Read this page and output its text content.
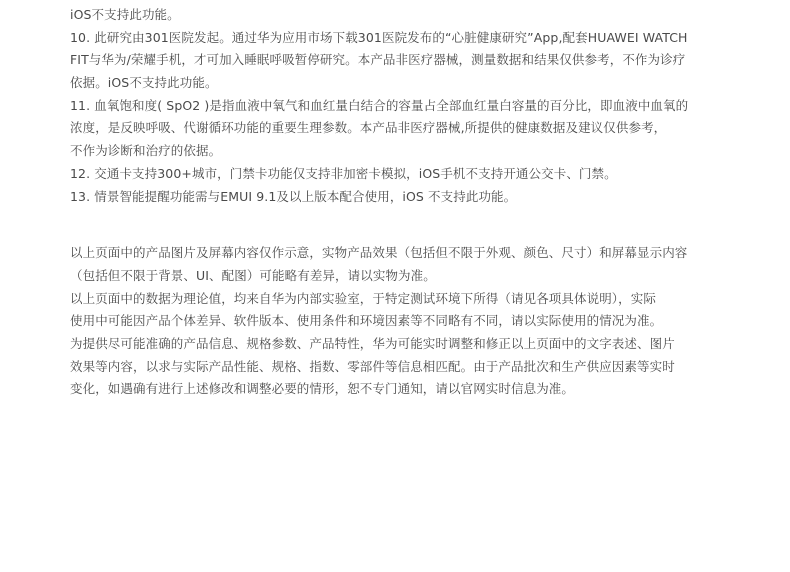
iOS不支持此功能。
10. 此研究由301医院发起。通过华为应用市场下载301医院发布的“心脏健康研究”App,配套HUAWEI WATCH
FIT与华为/荣耀手机，才可加入睡眠呼吸暂停研究。本产品非医疗器械，测量数据和结果仅供参考，不作为诊疗
依据。iOS不支持此功能。
11. 血氧饱和度( SpO2 )是指血液中氧气和血红量白结合的容量占全部血红量白容量的百分比，即血液中血氧的
浓度，是反映呼吸、代谢循环功能的重要生理参数。本产品非医疗器械,所提供的健康数据及建议仅供参考，
不作为诊断和治疗的依据。
12. 交通卡支持300+城市，门禁卡功能仅支持非加密卡模拟，iOS手机不支持开通公交卡、门禁。
13. 情景智能提醒功能需与EMUI 9.1及以上版本配合使用，iOS 不支持此功能。
以上页面中的产品图片及屏幕内容仅作示意，实物产品效果（包括但不限于外观、颜色、尺寸）和屏幕显示内容
（包括但不限于背景、UI、配图）可能略有差异，请以实物为准。
以上页面中的数据为理论值，均来自华为内部实验室，于特定测试环境下所得（请见各项具体说明），实际
使用中可能因产品个体差异、软件版本、使用条件和环境因素等不同略有不同，请以实际使用的情况为准。
为提供尽可能准确的产品信息、规格参数、产品特性，华为可能实时调整和修正以上页面中的文字表述、图片
效果等内容，以求与实际产品性能、规格、指数、零部件等信息相匹配。由于产品批次和生产供应因素等实时
变化，如遇确有进行上述修改和调整必要的情形，恕不专门通知，请以官网实时信息为准。
